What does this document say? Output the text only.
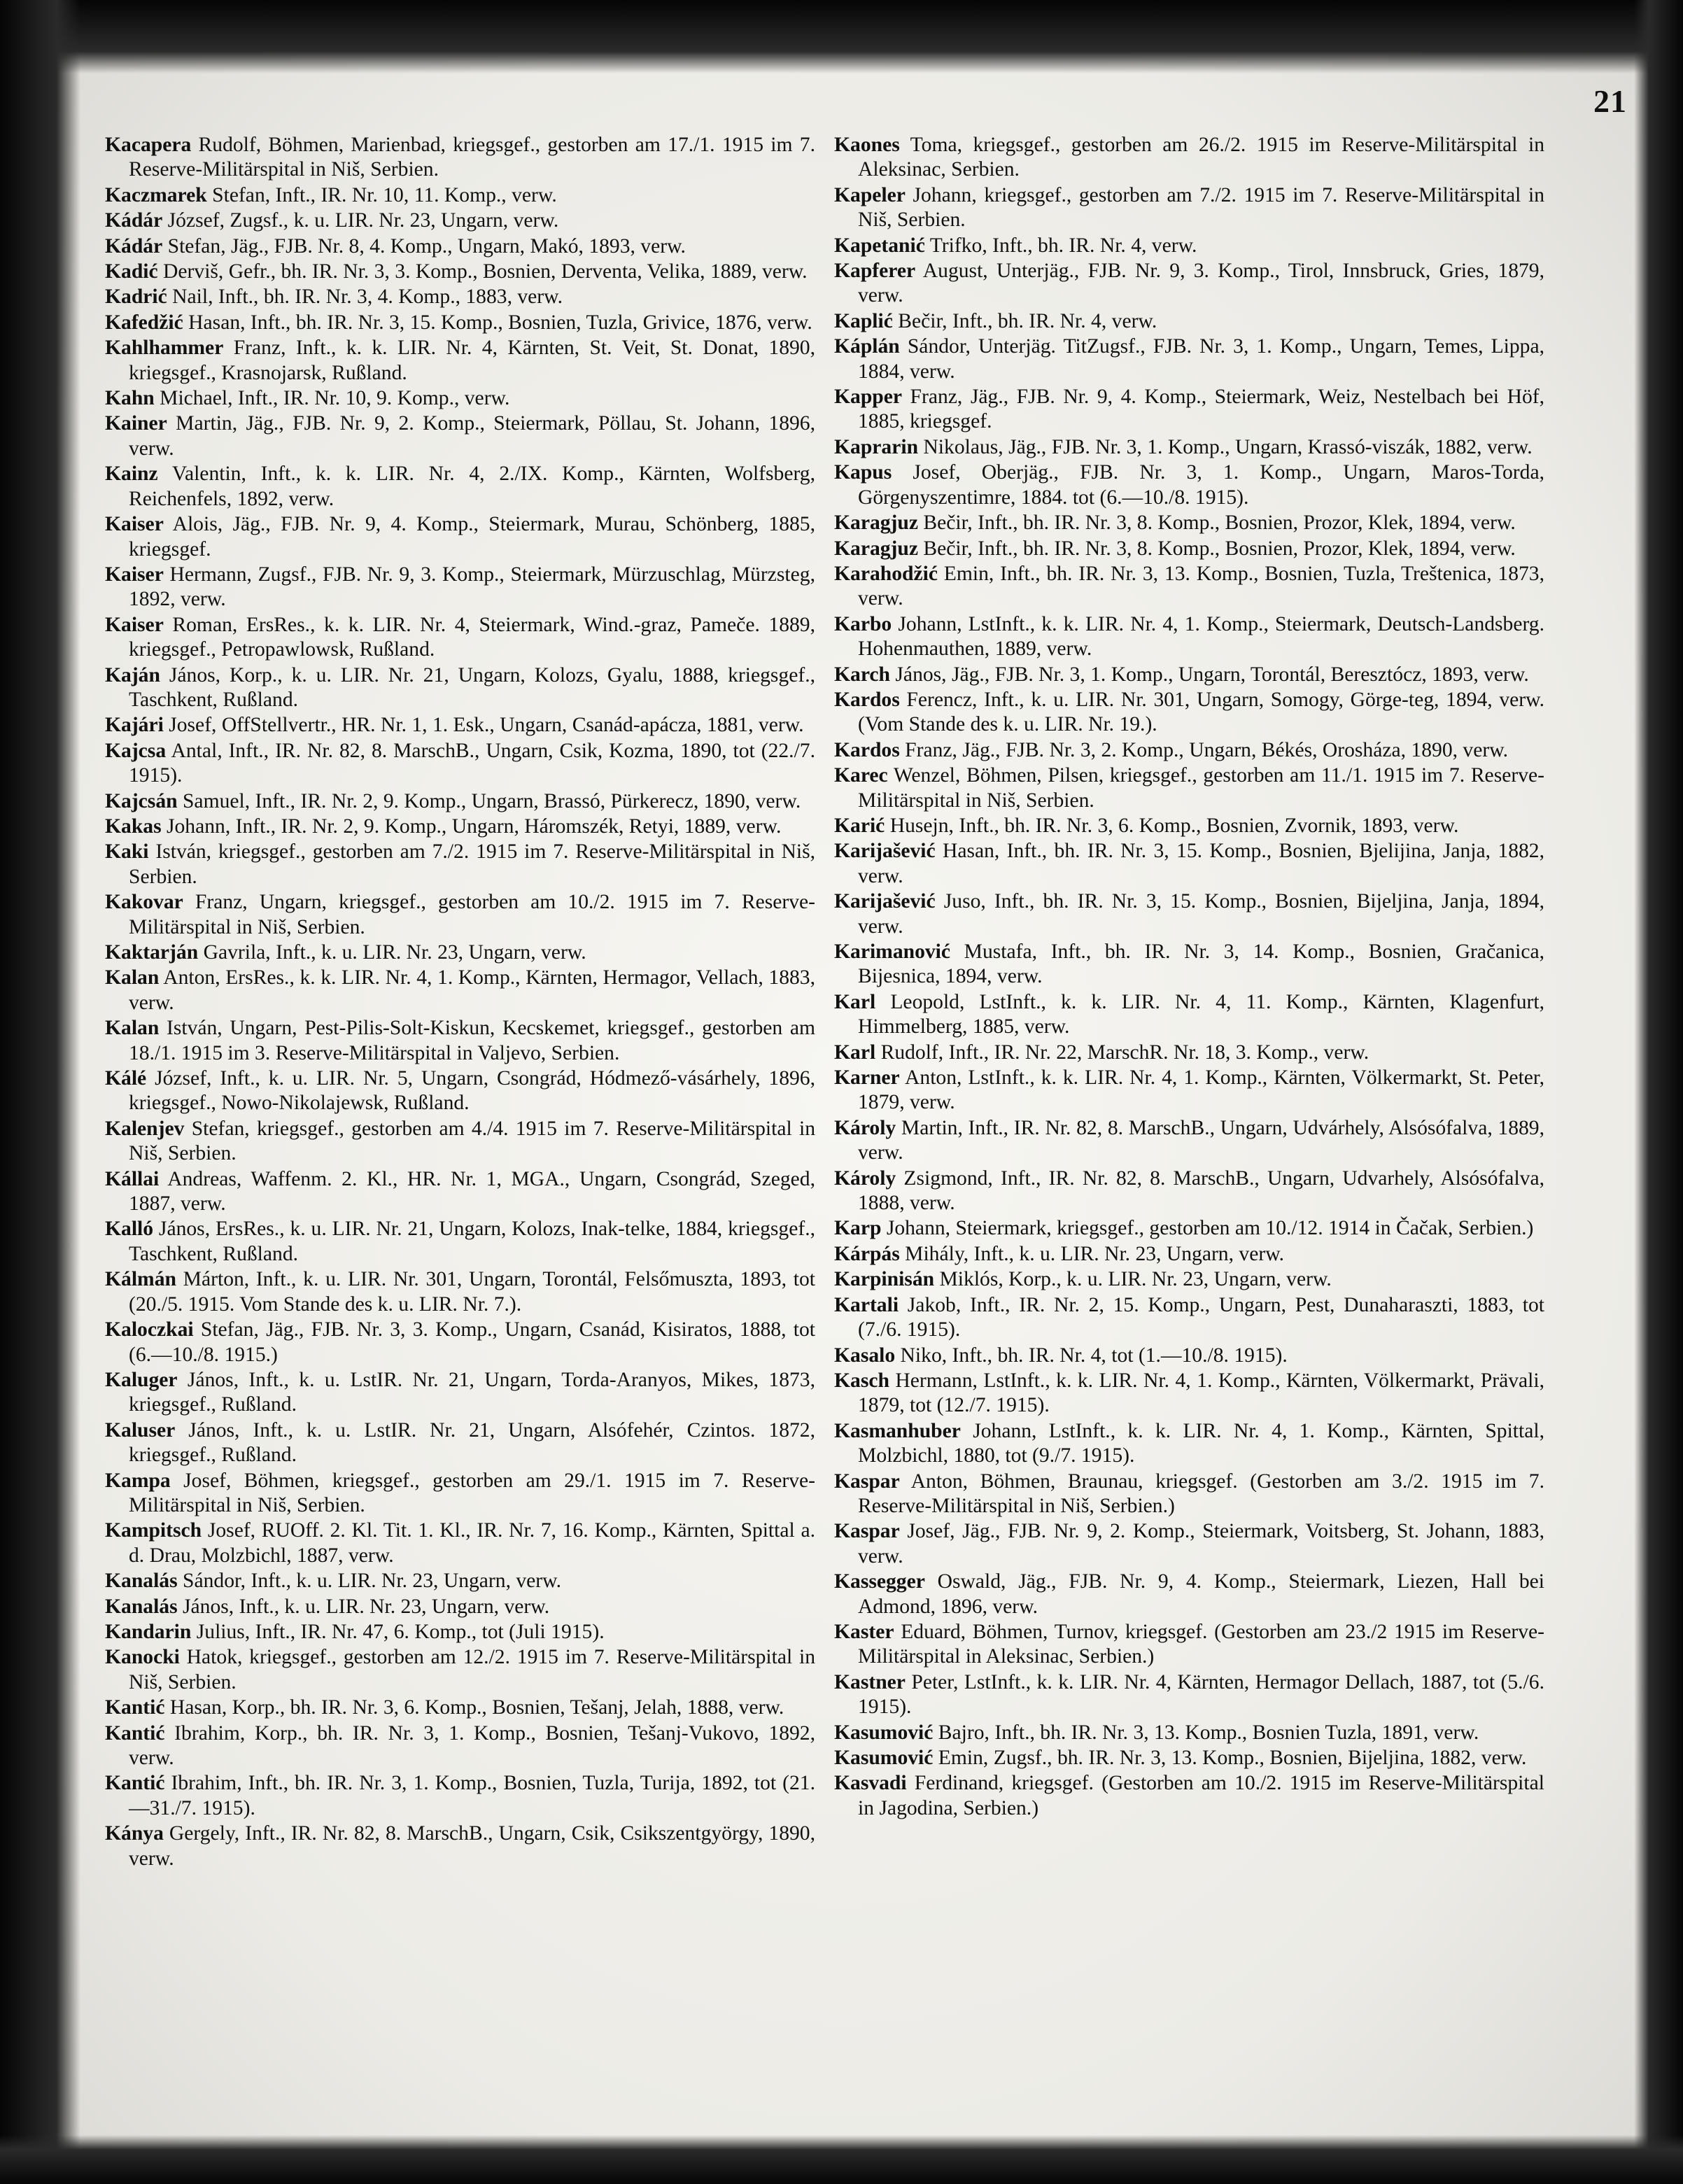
21

Kacapera Rudolf, Böhmen, Marienbad, kriegsgef., gestorben am 17./1. 1915 im 7. Reserve-Militärspital in Niš, Serbien.

Kaczmarek Stefan, Inft., IR. Nr. 10, 11. Komp., verw.

Kádár József, Zugsf., k. u. LIR. Nr. 23, Ungarn, verw.

Kádár Stefan, Jäg., FJB. Nr. 8, 4. Komp., Ungarn, Makó, 1893, verw.

Kadić Derviš, Gefr., bh. IR. Nr. 3, 3. Komp., Bosnien, Derventa, Velika, 1889, verw.

Kadrić Nail, Inft., bh. IR. Nr. 3, 4. Komp., 1883, verw.

Kafedžić Hasan, Inft., bh. IR. Nr. 3, 15. Komp., Bosnien, Tuzla, Grivice, 1876, verw.

Kahlhammer Franz, Inft., k. k. LIR. Nr. 4, Kärnten, St. Veit, St. Donat, 1890, kriegsgef., Krasnojarsk, Rußland.

Kahn Michael, Inft., IR. Nr. 10, 9. Komp., verw.

Kainer Martin, Jäg., FJB. Nr. 9, 2. Komp., Steiermark, Pöllau, St. Johann, 1896, verw.

Kainz Valentin, Inft., k. k. LIR. Nr. 4, 2./IX. Komp., Kärnten, Wolfsberg, Reichenfels, 1892, verw.

Kaiser Alois, Jäg., FJB. Nr. 9, 4. Komp., Steiermark, Murau, Schönberg, 1885, kriegsgef.

Kaiser Hermann, Zugsf., FJB. Nr. 9, 3. Komp., Steiermark, Mürzuschlag, Mürzsteg, 1892, verw.

Kaiser Roman, ErsRes., k. k. LIR. Nr. 4, Steiermark, Wind.-graz, Pameče. 1889, kriegsgef., Petropawlowsk, Rußland.

Kaján János, Korp., k. u. LIR. Nr. 21, Ungarn, Kolozs, Gyalu, 1888, kriegsgef., Taschkent, Rußland.

Kajári Josef, OffStellvertr., HR. Nr. 1, 1. Esk., Ungarn, Csanád-apácza, 1881, verw.

Kajcsa Antal, Inft., IR. Nr. 82, 8. MarschB., Ungarn, Csik, Kozma, 1890, tot (22./7. 1915).

Kajcsán Samuel, Inft., IR. Nr. 2, 9. Komp., Ungarn, Brassó, Pürkerecz, 1890, verw.

Kakas Johann, Inft., IR. Nr. 2, 9. Komp., Ungarn, Háromszék, Retyi, 1889, verw.

Kaki István, kriegsgef., gestorben am 7./2. 1915 im 7. Reserve-Militärspital in Niš, Serbien.

Kakovar Franz, Ungarn, kriegsgef., gestorben am 10./2. 1915 im 7. Reserve-Militärspital in Niš, Serbien.

Kaktarján Gavrila, Inft., k. u. LIR. Nr. 23, Ungarn, verw.

Kalan Anton, ErsRes., k. k. LIR. Nr. 4, 1. Komp., Kärnten, Hermagor, Vellach, 1883, verw.

Kalan István, Ungarn, Pest-Pilis-Solt-Kiskun, Kecskemet, kriegsgef., gestorben am 18./1. 1915 im 3. Reserve-Militärspital in Valjevo, Serbien.

Kálé József, Inft., k. u. LIR. Nr. 5, Ungarn, Csongrád, Hódmező-vásárhely, 1896, kriegsgef., Nowo-Nikolajewsk, Rußland.

Kalenjev Stefan, kriegsgef., gestorben am 4./4. 1915 im 7. Reserve-Militärspital in Niš, Serbien.

Kállai Andreas, Waffenm. 2. Kl., HR. Nr. 1, MGA., Ungarn, Csongrád, Szeged, 1887, verw.

Kalló János, ErsRes., k. u. LIR. Nr. 21, Ungarn, Kolozs, Inak-telke, 1884, kriegsgef., Taschkent, Rußland.

Kálmán Márton, Inft., k. u. LIR. Nr. 301, Ungarn, Torontál, Felsőmuszta, 1893, tot (20./5. 1915. Vom Stande des k. u. LIR. Nr. 7.).

Kaloczkai Stefan, Jäg., FJB. Nr. 3, 3. Komp., Ungarn, Csanád, Kisiratos, 1888, tot (6.—10./8. 1915.)

Kaluger János, Inft., k. u. LstIR. Nr. 21, Ungarn, Torda-Aranyos, Mikes, 1873, kriegsgef., Rußland.

Kaluser János, Inft., k. u. LstIR. Nr. 21, Ungarn, Alsófehér, Czintos. 1872, kriegsgef., Rußland.

Kampa Josef, Böhmen, kriegsgef., gestorben am 29./1. 1915 im 7. Reserve-Militärspital in Niš, Serbien.

Kampitsch Josef, RUOff. 2. Kl. Tit. 1. Kl., IR. Nr. 7, 16. Komp., Kärnten, Spittal a. d. Drau, Molzbichl, 1887, verw.

Kanalás Sándor, Inft., k. u. LIR. Nr. 23, Ungarn, verw.

Kanalás János, Inft., k. u. LIR. Nr. 23, Ungarn, verw.

Kandarin Julius, Inft., IR. Nr. 47, 6. Komp., tot (Juli 1915).

Kanocki Hatok, kriegsgef., gestorben am 12./2. 1915 im 7. Reserve-Militärspital in Niš, Serbien.

Kantić Hasan, Korp., bh. IR. Nr. 3, 6. Komp., Bosnien, Tešanj, Jelah, 1888, verw.

Kantić Ibrahim, Korp., bh. IR. Nr. 3, 1. Komp., Bosnien, Tešanj-Vukovo, 1892, verw.

Kantić Ibrahim, Inft., bh. IR. Nr. 3, 1. Komp., Bosnien, Tuzla, Turija, 1892, tot (21.—31./7. 1915).

Kánya Gergely, Inft., IR. Nr. 82, 8. MarschB., Ungarn, Csik, Csikszentgyörgy, 1890, verw.

Kaones Toma, kriegsgef., gestorben am 26./2. 1915 im Reserve-Militärspital in Aleksinac, Serbien.

Kapeler Johann, kriegsgef., gestorben am 7./2. 1915 im 7. Reserve-Militärspital in Niš, Serbien.

Kapetanić Trifko, Inft., bh. IR. Nr. 4, verw.

Kapferer August, Unterjäg., FJB. Nr. 9, 3. Komp., Tirol, Innsbruck, Gries, 1879, verw.

Kaplić Bečir, Inft., bh. IR. Nr. 4, verw.

Káplán Sándor, Unterjäg. TitZugsf., FJB. Nr. 3, 1. Komp., Ungarn, Temes, Lippa, 1884, verw.

Kapper Franz, Jäg., FJB. Nr. 9, 4. Komp., Steiermark, Weiz, Nestelbach bei Höf, 1885, kriegsgef.

Kaprarin Nikolaus, Jäg., FJB. Nr. 3, 1. Komp., Ungarn, Krassó-viszák, 1882, verw.

Kapus Josef, Oberjäg., FJB. Nr. 3, 1. Komp., Ungarn, Maros-Torda, Görgenyszentimre, 1884. tot (6.—10./8. 1915).

Karagjuz Bečir, Inft., bh. IR. Nr. 3, 8. Komp., Bosnien, Prozor, Klek, 1894, verw.

Karagjuz Bečir, Inft., bh. IR. Nr. 3, 8. Komp., Bosnien, Prozor, Klek, 1894, verw.

Karahodžić Emin, Inft., bh. IR. Nr. 3, 13. Komp., Bosnien, Tuzla, Treštenica, 1873, verw.

Karbo Johann, LstInft., k. k. LIR. Nr. 4, 1. Komp., Steiermark, Deutsch-Landsberg. Hohenmauthen, 1889, verw.

Karch János, Jäg., FJB. Nr. 3, 1. Komp., Ungarn, Torontál, Beresztócz, 1893, verw.

Kardos Ferencz, Inft., k. u. LIR. Nr. 301, Ungarn, Somogy, Görge-teg, 1894, verw. (Vom Stande des k. u. LIR. Nr. 19.).

Kardos Franz, Jäg., FJB. Nr. 3, 2. Komp., Ungarn, Békés, Orosháza, 1890, verw.

Karec Wenzel, Böhmen, Pilsen, kriegsgef., gestorben am 11./1. 1915 im 7. Reserve-Militärspital in Niš, Serbien.

Karić Husejn, Inft., bh. IR. Nr. 3, 6. Komp., Bosnien, Zvornik, 1893, verw.

Karijašević Hasan, Inft., bh. IR. Nr. 3, 15. Komp., Bosnien, Bjelijina, Janja, 1882, verw.

Karijašević Juso, Inft., bh. IR. Nr. 3, 15. Komp., Bosnien, Bijeljina, Janja, 1894, verw.

Karimanović Mustafa, Inft., bh. IR. Nr. 3, 14. Komp., Bosnien, Gračanica, Bijesnica, 1894, verw.

Karl Leopold, LstInft., k. k. LIR. Nr. 4, 11. Komp., Kärnten, Klagenfurt, Himmelberg, 1885, verw.

Karl Rudolf, Inft., IR. Nr. 22, MarschR. Nr. 18, 3. Komp., verw.

Karner Anton, LstInft., k. k. LIR. Nr. 4, 1. Komp., Kärnten, Völkermarkt, St. Peter, 1879, verw.

Károly Martin, Inft., IR. Nr. 82, 8. MarschB., Ungarn, Udvárhely, Alsósófalva, 1889, verw.

Károly Zsigmond, Inft., IR. Nr. 82, 8. MarschB., Ungarn, Udvarhely, Alsósófalva, 1888, verw.

Karp Johann, Steiermark, kriegsgef., gestorben am 10./12. 1914 in Čačak, Serbien.)

Kárpás Mihály, Inft., k. u. LIR. Nr. 23, Ungarn, verw.

Karpinisán Miklós, Korp., k. u. LIR. Nr. 23, Ungarn, verw.

Kartali Jakob, Inft., IR. Nr. 2, 15. Komp., Ungarn, Pest, Dunaharaszti, 1883, tot (7./6. 1915).

Kasalo Niko, Inft., bh. IR. Nr. 4, tot (1.—10./8. 1915).

Kasch Hermann, LstInft., k. k. LIR. Nr. 4, 1. Komp., Kärnten, Völkermarkt, Prävali, 1879, tot (12./7. 1915).

Kasmanhuber Johann, LstInft., k. k. LIR. Nr. 4, 1. Komp., Kärnten, Spittal, Molzbichl, 1880, tot (9./7. 1915).

Kaspar Anton, Böhmen, Braunau, kriegsgef. (Gestorben am 3./2. 1915 im 7. Reserve-Militärspital in Niš, Serbien.)

Kaspar Josef, Jäg., FJB. Nr. 9, 2. Komp., Steiermark, Voitsberg, St. Johann, 1883, verw.

Kassegger Oswald, Jäg., FJB. Nr. 9, 4. Komp., Steiermark, Liezen, Hall bei Admond, 1896, verw.

Kaster Eduard, Böhmen, Turnov, kriegsgef. (Gestorben am 23./2 1915 im Reserve-Militärspital in Aleksinac, Serbien.)

Kastner Peter, LstInft., k. k. LIR. Nr. 4, Kärnten, Hermagor Dellach, 1887, tot (5./6. 1915).

Kasumović Bajro, Inft., bh. IR. Nr. 3, 13. Komp., Bosnien Tuzla, 1891, verw.

Kasumović Emin, Zugsf., bh. IR. Nr. 3, 13. Komp., Bosnien, Bijeljina, 1882, verw.

Kasvadi Ferdinand, kriegsgef. (Gestorben am 10./2. 1915 im Reserve-Militärspital in Jagodina, Serbien.)
